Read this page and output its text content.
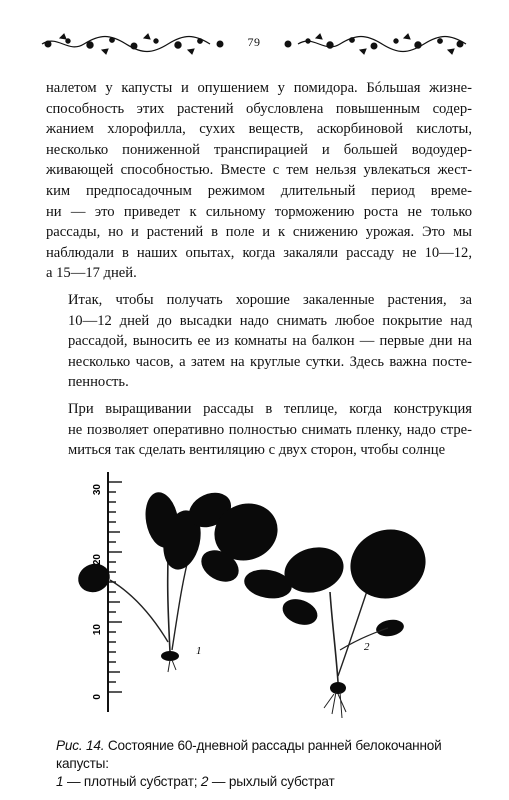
79

налетом у капусты и опушением у помидора. Бóльшая жизне-
способность этих растений обусловлена повышенным содер-
жанием хлорофилла, сухих веществ, аскорбиновой кислоты,
несколько пониженной транспирацией и большей водоудер-
живающей способностью. Вместе с тем нельзя увлекаться жест-
ким предпосадочным режимом длительный период време-
ни — это приведет к сильному торможению роста не только
рассады, но и растений в поле и к снижению урожая. Это мы
наблюдали в наших опытах, когда закаляли рассаду не 10—12,
а 15—17 дней.

Итак, чтобы получать хорошие закаленные растения, за
10—12 дней до высадки надо снимать любое покрытие над
рассадой, выносить ее из комнаты на балкон — первые дни на
несколько часов, а затем на круглые сутки. Здесь важна посте-
пенность.

При выращивании рассады в теплице, когда конструкция
не позволяет оперативно полностью снимать пленку, надо стре-
миться так сделать вентиляцию с двух сторон, чтобы солнце

30
20
10
0
1	2
Рис. 14. Состояние 60-дневной рассады ранней белокочанной капусты:
1 — плотный субстрат; 2 — рыхлый субстрат
